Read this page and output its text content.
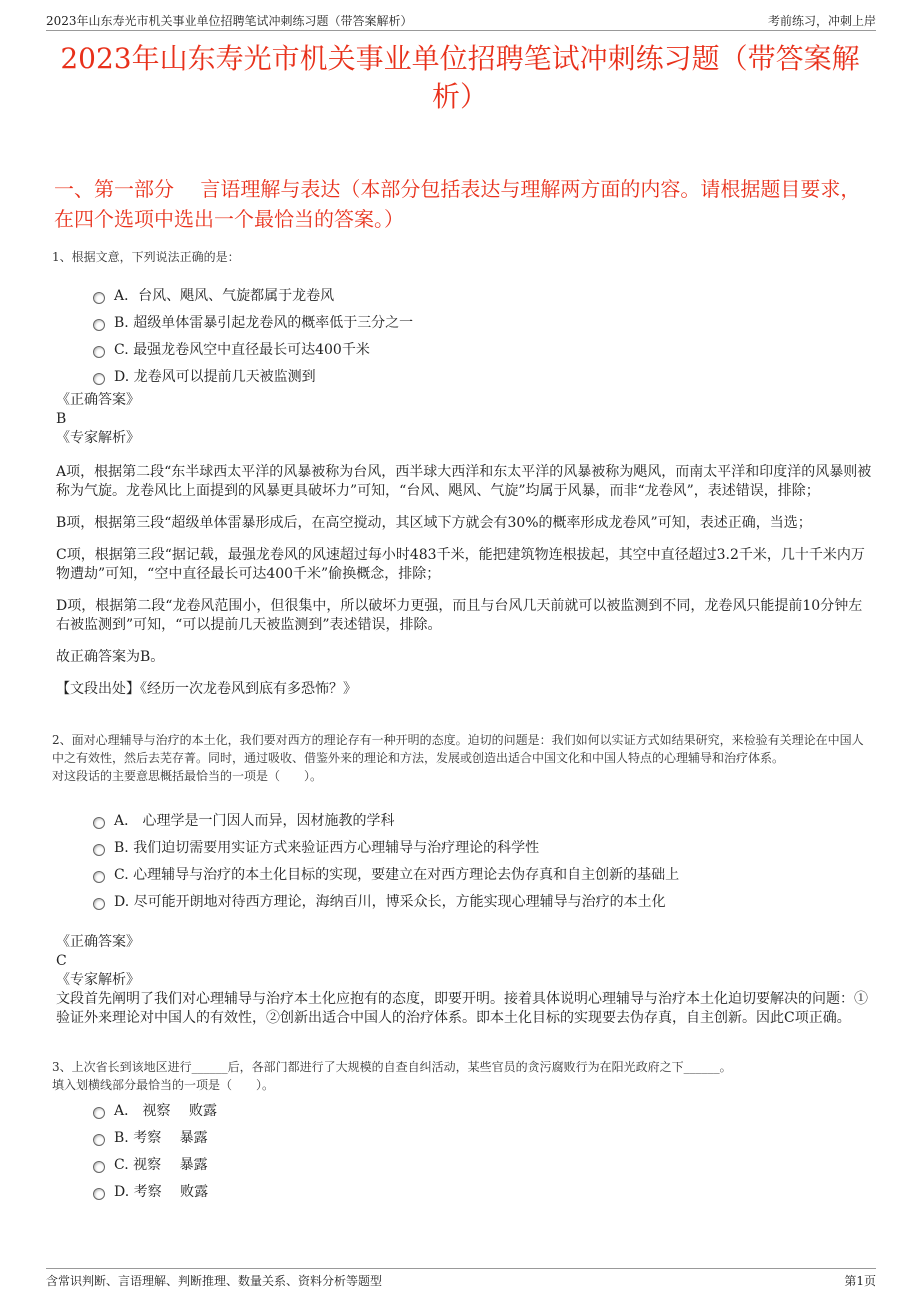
2023年山东寿光市机关事业单位招聘笔试冲刺练习题（带答案解析）	考前练习，冲刺上岸
2023年山东寿光市机关事业单位招聘笔试冲刺练习题（带答案解析）
一、第一部分　 言语理解与表达（本部分包括表达与理解两方面的内容。请根据题目要求，在四个选项中选出一个最恰当的答案。）
1、根据文意，下列说法正确的是：
A．台风、飓风、气旋都属于龙卷风
B. 超级单体雷暴引起龙卷风的概率低于三分之一
C. 最强龙卷风空中直径最长可达400千米
D. 龙卷风可以提前几天被监测到
《正确答案》
B
《专家解析》

A项，根据第二段“东半球西太平洋的风暴被称为台风，西半球大西洋和东太平洋的风暴被称为飓风，而南太平洋和印度洋的风暴则被称为气旋。龙卷风比上面提到的风暴更具破坏力”可知，“台风、飓风、气旋”均属于风暴，而非“龙卷风”，表述错误，排除；

B项，根据第三段“超级单体雷暴形成后，在高空搅动，其区域下方就会有30%的概率形成龙卷风”可知，表述正确，当选；

C项，根据第三段“据记载，最强龙卷风的风速超过每小时483千米，能把建筑物连根拔起，其空中直径超过3.2千米，几十千米内万物遭劫”可知，“空中直径最长可达400千米”偷换概念，排除；

D项，根据第二段“龙卷风范围小，但很集中，所以破坏力更强，而且与台风几天前就可以被监测到不同，龙卷风只能提前10分钟左右被监测到”可知，“可以提前几天被监测到”表述错误，排除。

故正确答案为B。

【文段出处】《经历一次龙卷风到底有多恐怖？》

2、面对心理辅导与治疗的本土化，我们要对西方的理论存有一种开明的态度。迫切的问题是：我们如何以实证方式如结果研究，来检验有关理论在中国人中之有效性，然后去芜存菁。同时，通过吸收、借鉴外来的理论和方法，发展或创造出适合中国文化和中国人特点的心理辅导和治疗体系。
对这段话的主要意思概括最恰当的一项是（　　）。
A． 心理学是一门因人而异，因材施教的学科
B. 我们迫切需要用实证方式来验证西方心理辅导与治疗理论的科学性
C. 心理辅导与治疗的本土化目标的实现，要建立在对西方理论去伪存真和自主创新的基础上
D. 尽可能开朗地对待西方理论，海纳百川，博采众长，方能实现心理辅导与治疗的本土化
《正确答案》
C
《专家解析》
文段首先阐明了我们对心理辅导与治疗本土化应抱有的态度，即要开明。接着具体说明心理辅导与治疗本土化迫切要解决的问题：①验证外来理论对中国人的有效性，②创新出适合中国人的治疗体系。即本土化目标的实现要去伪存真，自主创新。因此C项正确。
3、上次省长到该地区进行______后，各部门都进行了大规模的自查自纠活动，某些官员的贪污腐败行为在阳光政府之下______。
填入划横线部分最恰当的一项是（　　）。
A． 视察　 败露
B. 考察　 暴露
C. 视察　 暴露
D. 考察　 败露
含常识判断、言语理解、判断推理、数量关系、资料分析等题型	第1页
